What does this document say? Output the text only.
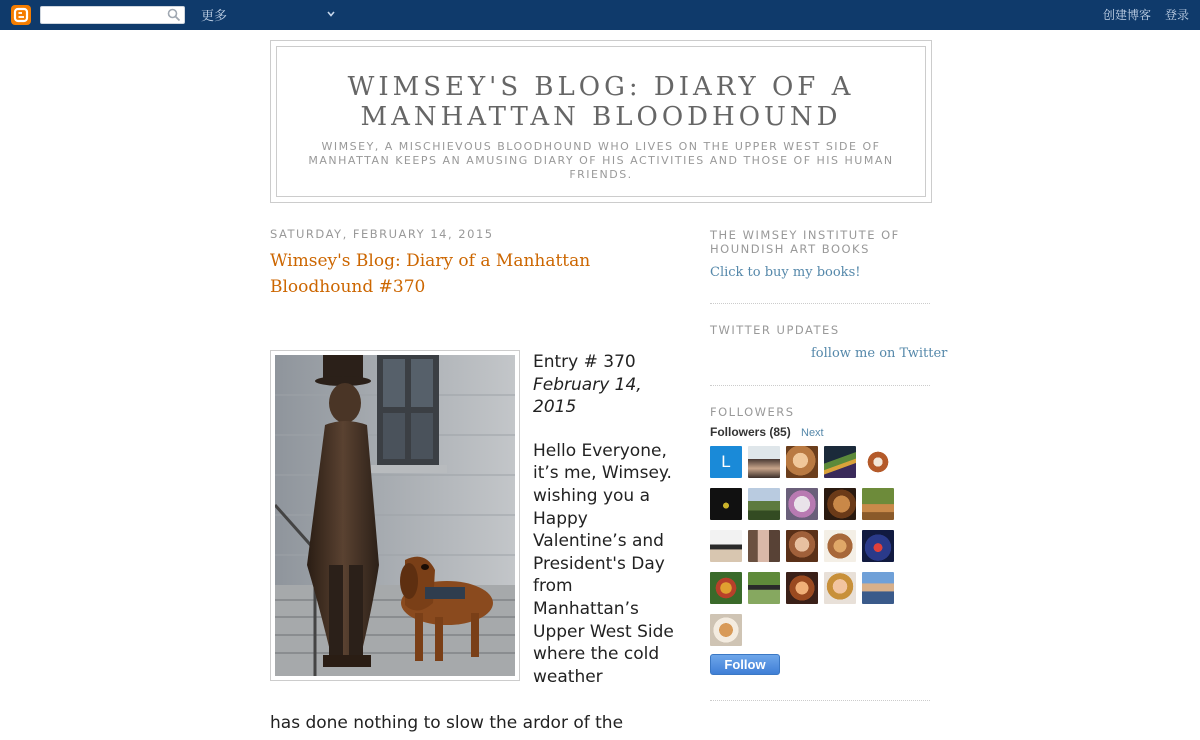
更多	创建博客 登录
WIMSEY'S BLOG: DIARY OF A MANHATTAN BLOODHOUND
WIMSEY, A MISCHIEVOUS BLOODHOUND WHO LIVES ON THE UPPER WEST SIDE OF MANHATTAN KEEPS AN AMUSING DIARY OF HIS ACTIVITIES AND THOSE OF HIS HUMAN FRIENDS.
SATURDAY, FEBRUARY 14, 2015
Wimsey's Blog: Diary of a Manhattan Bloodhound #370
Entry # 370
February 14, 2015
Hello Everyone, it’s me, Wimsey. wishing you a Happy Valentine’s and President's Day from Manhattan’s Upper West Side where the cold weather
has done nothing to slow the ardor of the
THE WIMSEY INSTITUTE OF HOUNDISH ART BOOKS
Click to buy my books!
TWITTER UPDATES
follow me on Twitter
FOLLOWERS
Followers (85) Next
L
Follow
